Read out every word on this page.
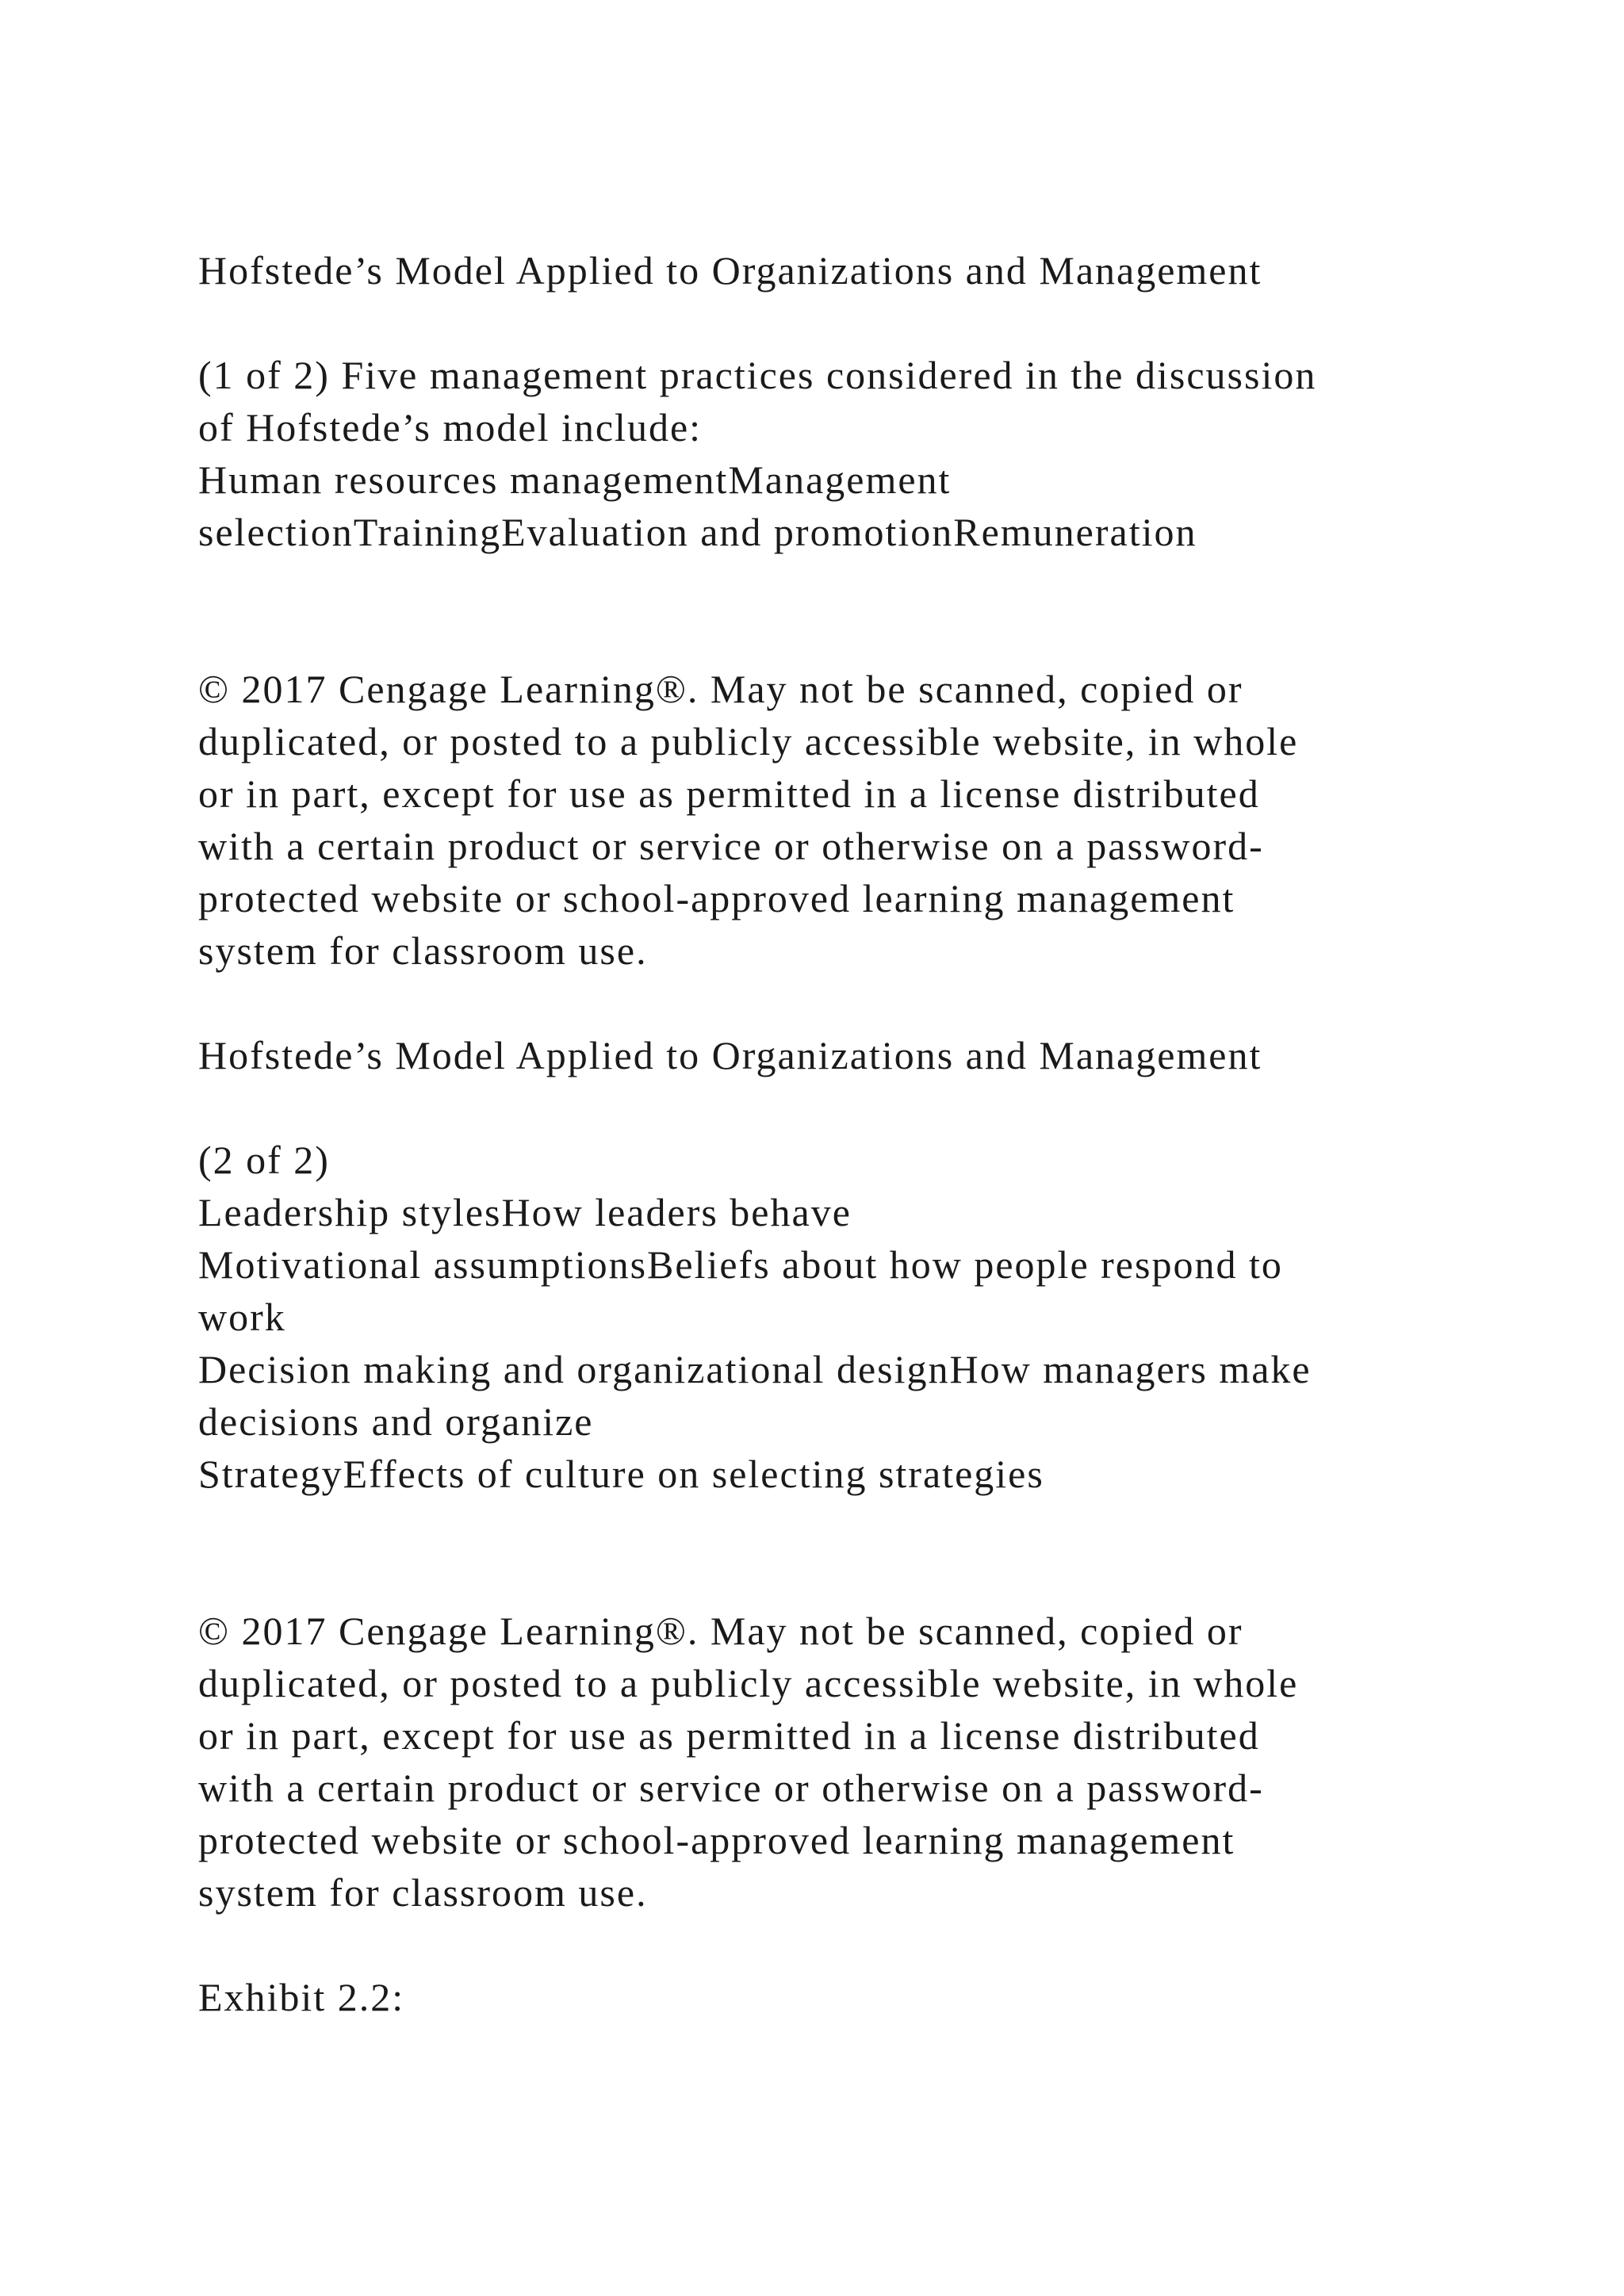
Hofstede’s Model Applied to Organizations and Management
(1 of 2) Five management practices considered in the discussion
of Hofstede’s model include:
Human resources managementManagement
selectionTrainingEvaluation and promotionRemuneration
© 2017 Cengage Learning®. May not be scanned, copied or
duplicated, or posted to a publicly accessible website, in whole
or in part, except for use as permitted in a license distributed
with a certain product or service or otherwise on a password-
protected website or school-approved learning management
system for classroom use.
Hofstede’s Model Applied to Organizations and Management
(2 of 2)
Leadership stylesHow leaders behave
Motivational assumptionsBeliefs about how people respond to
work
Decision making and organizational designHow managers make
decisions and organize
StrategyEffects of culture on selecting strategies
© 2017 Cengage Learning®. May not be scanned, copied or
duplicated, or posted to a publicly accessible website, in whole
or in part, except for use as permitted in a license distributed
with a certain product or service or otherwise on a password-
protected website or school-approved learning management
system for classroom use.
Exhibit 2.2:
